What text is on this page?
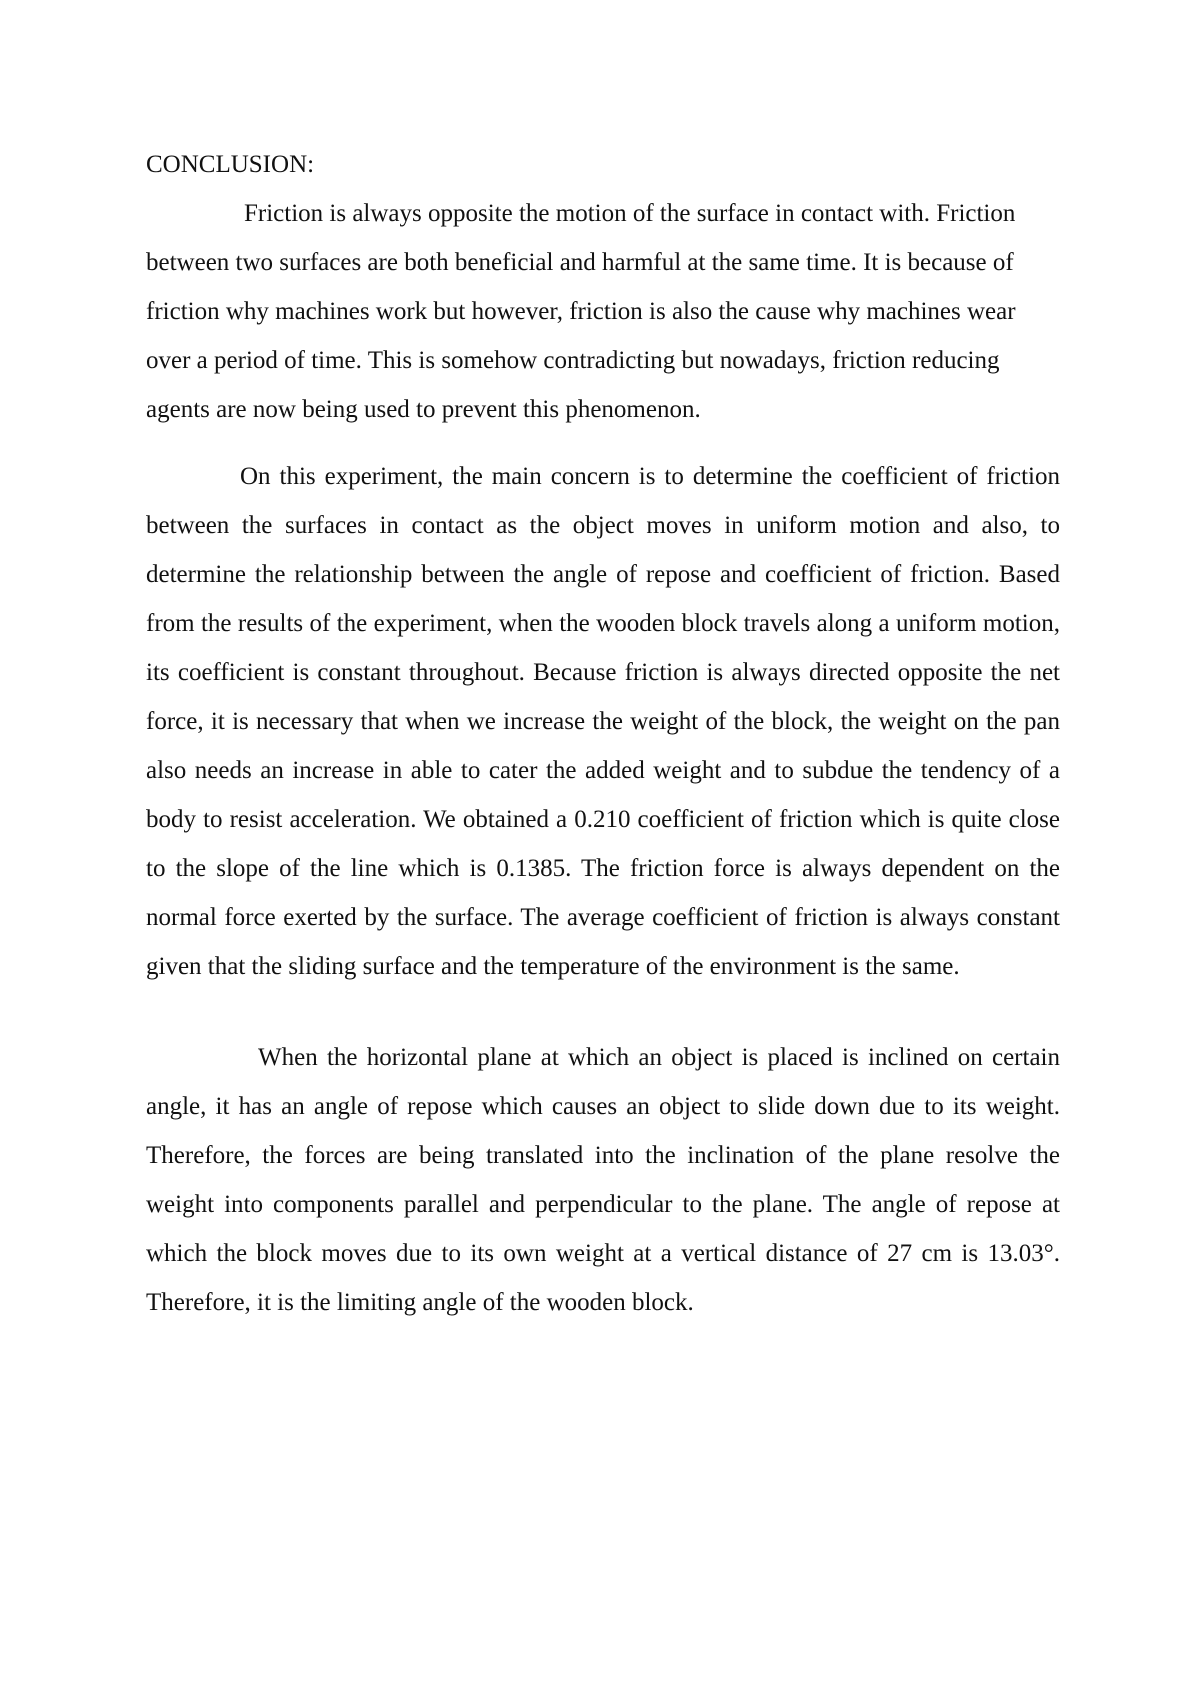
CONCLUSION:

Friction is always opposite the motion of the surface in contact with. Friction between two surfaces are both beneficial and harmful at the same time. It is because of friction why machines work but however, friction is also the cause why machines wear over a period of time. This is somehow contradicting but nowadays, friction reducing agents are now being used to prevent this phenomenon.

On this experiment, the main concern is to determine the coefficient of friction between the surfaces in contact as the object moves in uniform motion and also, to determine the relationship between the angle of repose and coefficient of friction. Based from the results of the experiment, when the wooden block travels along a uniform motion, its coefficient is constant throughout. Because friction is always directed opposite the net force, it is necessary that when we increase the weight of the block, the weight on the pan also needs an increase in able to cater the added weight and to subdue the tendency of a body to resist acceleration. We obtained a 0.210 coefficient of friction which is quite close to the slope of the line which is 0.1385. The friction force is always dependent on the normal force exerted by the surface. The average coefficient of friction is always constant given that the sliding surface and the temperature of the environment is the same.

When the horizontal plane at which an object is placed is inclined on certain angle, it has an angle of repose which causes an object to slide down due to its weight. Therefore, the forces are being translated into the inclination of the plane resolve the weight into components parallel and perpendicular to the plane. The angle of repose at which the block moves due to its own weight at a vertical distance of 27 cm is 13.03°. Therefore, it is the limiting angle of the wooden block.
